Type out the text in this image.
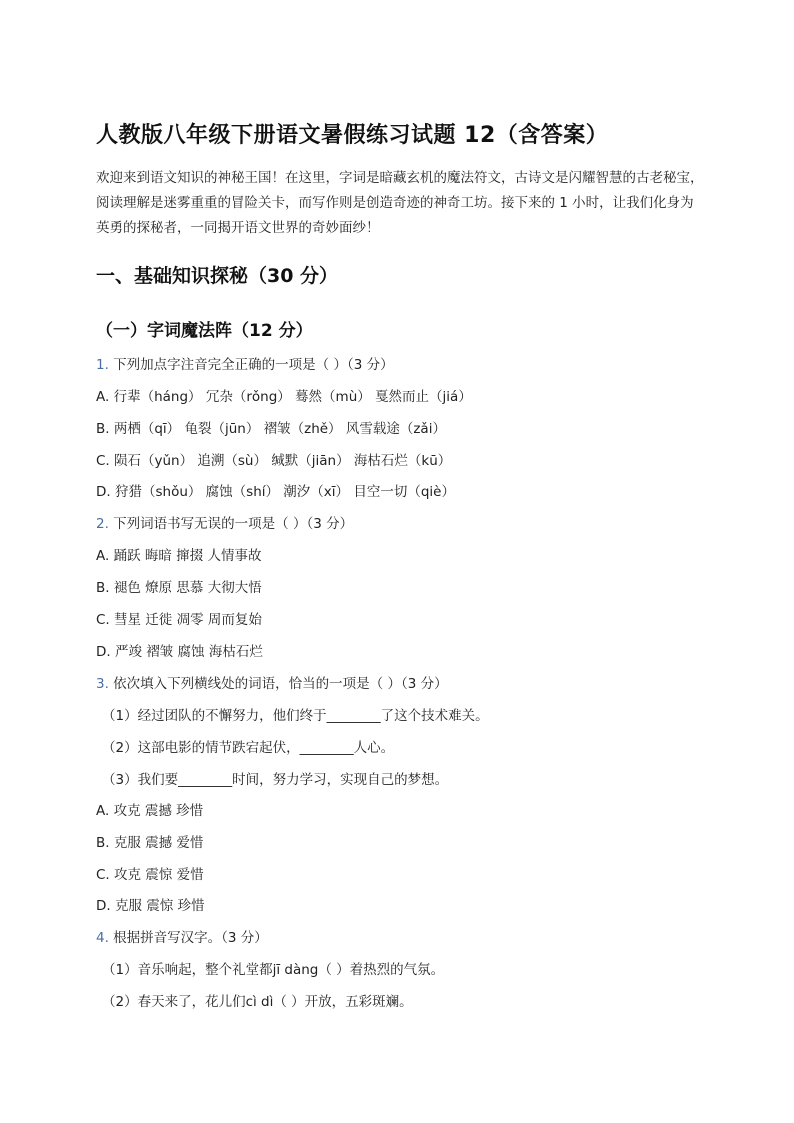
人教版八年级下册语文暑假练习试题 12（含答案）
欢迎来到语文知识的神秘王国！在这里，字词是暗藏玄机的魔法符文，古诗文是闪耀智慧的古老秘宝，阅读理解是迷雾重重的冒险关卡，而写作则是创造奇迹的神奇工坊。接下来的 1 小时，让我们化身为英勇的探秘者，一同揭开语文世界的奇妙面纱！
一、基础知识探秘（30 分）
（一）字词魔法阵（12 分）
1. 下列加点字注音完全正确的一项是（ ）（3 分）
A. 行辈（háng） 冗杂（rǒng） 蓦然（mù） 戛然而止（jiá）
B. 两栖（qī） 龟裂（jūn） 褶皱（zhě） 风雪载途（zǎi）
C. 陨石（yǔn） 追溯（sù） 缄默（jiān） 海枯石烂（kū）
D. 狩猎（shǒu） 腐蚀（shí） 潮汐（xī） 目空一切（qiè）
2. 下列词语书写无误的一项是（ ）（3 分）
A. 踊跃 晦暗 撺掇 人情事故
B. 褪色 燎原 思慕 大彻大悟
C. 彗星 迁徙 凋零 周而复始
D. 严竣 褶皱 腐蚀 海枯石烂
3. 依次填入下列横线处的词语，恰当的一项是（ ）（3 分）
（1）经过团队的不懈努力，他们终于________了这个技术难关。
（2）这部电影的情节跌宕起伏，________人心。
（3）我们要________时间，努力学习，实现自己的梦想。
A. 攻克 震撼 珍惜
B. 克服 震撼 爱惜
C. 攻克 震惊 爱惜
D. 克服 震惊 珍惜
4. 根据拼音写汉字。（3 分）
（1）音乐响起，整个礼堂都jī dàng（ ）着热烈的气氛。
（2）春天来了，花儿们cì dì（ ）开放，五彩斑斓。
